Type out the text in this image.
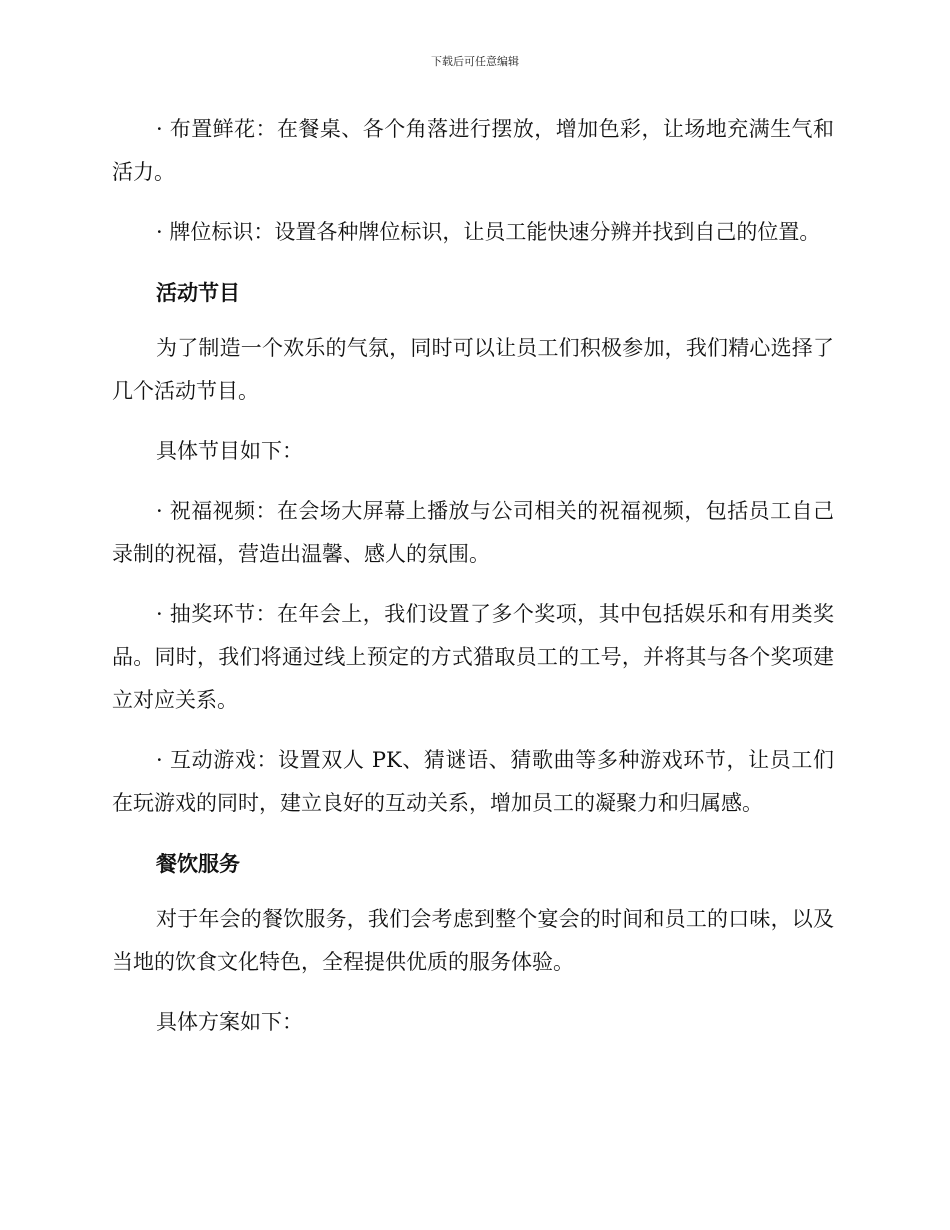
下载后可任意编辑

· 布置鲜花：在餐桌、各个角落进行摆放，增加色彩，让场地充满生气和活力。

· 牌位标识：设置各种牌位标识，让员工能快速分辨并找到自己的位置。

活动节目

为了制造一个欢乐的气氛，同时可以让员工们积极参加，我们精心选择了几个活动节目。

具体节目如下：

· 祝福视频：在会场大屏幕上播放与公司相关的祝福视频，包括员工自己录制的祝福，营造出温馨、感人的氛围。

· 抽奖环节：在年会上，我们设置了多个奖项，其中包括娱乐和有用类奖品。同时，我们将通过线上预定的方式猎取员工的工号，并将其与各个奖项建立对应关系。

· 互动游戏：设置双人 PK、猜谜语、猜歌曲等多种游戏环节，让员工们在玩游戏的同时，建立良好的互动关系，增加员工的凝聚力和归属感。

餐饮服务

对于年会的餐饮服务，我们会考虑到整个宴会的时间和员工的口味，以及当地的饮食文化特色，全程提供优质的服务体验。

具体方案如下：
